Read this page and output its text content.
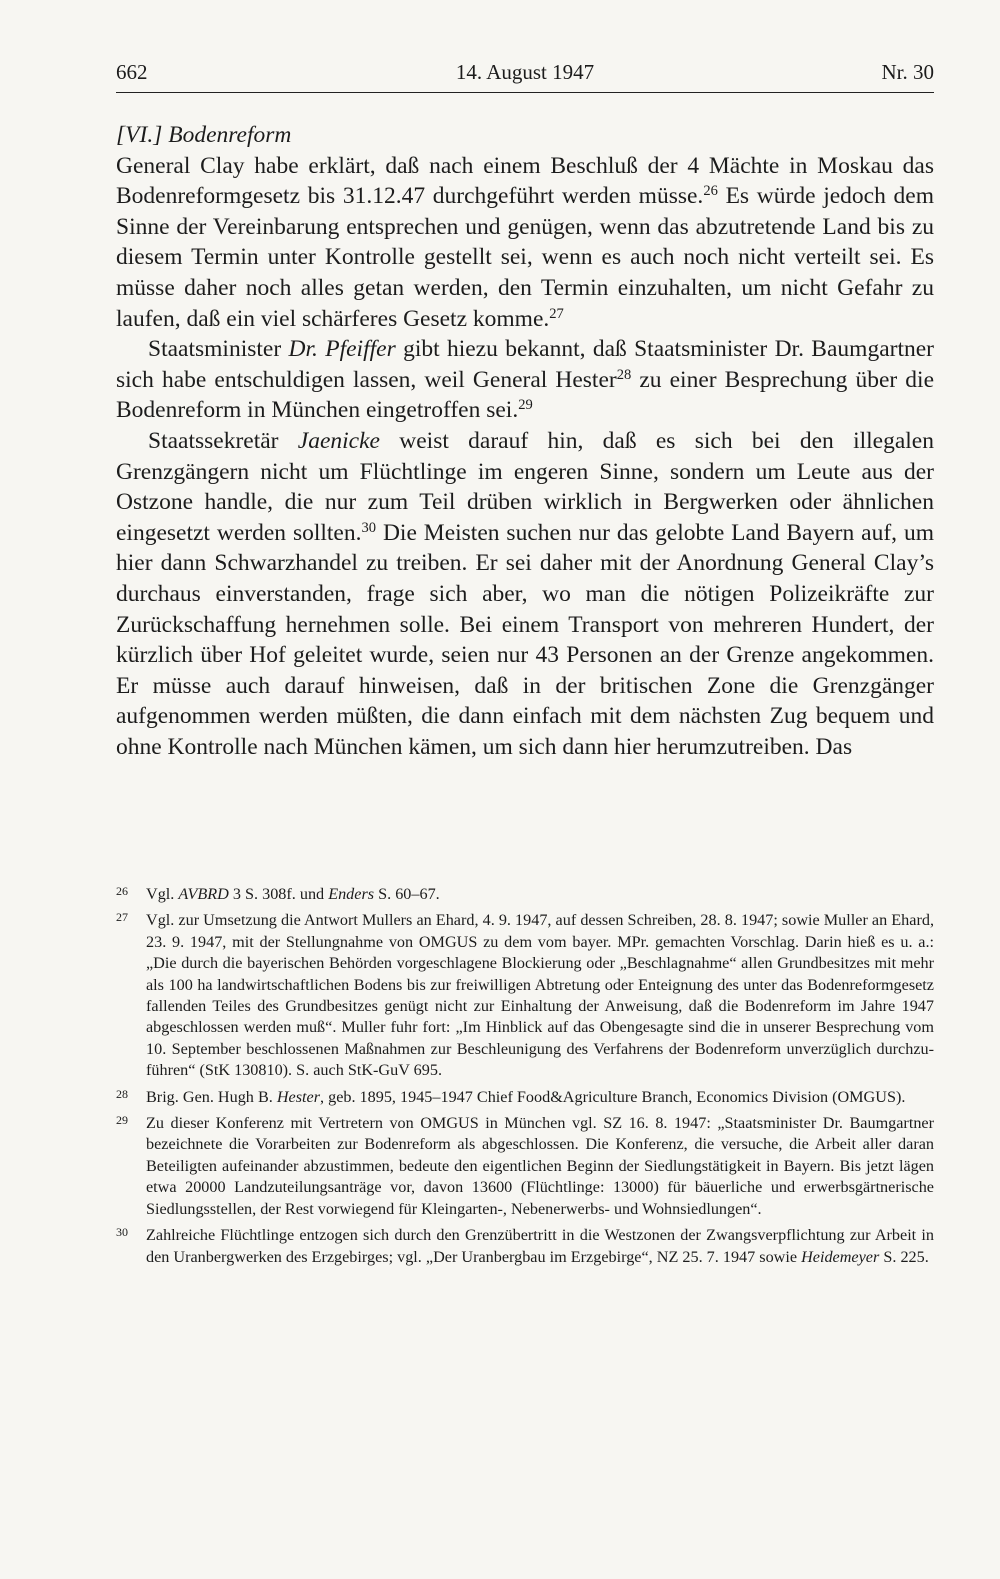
662	14. August 1947	Nr. 30

[VI.] Bodenreform

General Clay habe erklärt, daß nach einem Beschluß der 4 Mächte in Moskau das Bodenreformgesetz bis 31.12.47 durchgeführt werden müsse.$^{26}$ Es würde jedoch dem Sinne der Vereinbarung entsprechen und genügen, wenn das abzutretende Land bis zu diesem Termin unter Kontrolle gestellt sei, wenn es auch noch nicht verteilt sei. Es müsse daher noch alles getan werden, den Termin einzuhalten, um nicht Gefahr zu laufen, daß ein viel schärferes Gesetz komme.$^{27}$

Staatsminister Dr. Pfeiffer gibt hiezu bekannt, daß Staatsminister Dr. Baumgartner sich habe entschuldigen lassen, weil General Hester$^{28}$ zu einer Besprechung über die Bodenreform in München eingetroffen sei.$^{29}$

Staatssekretär Jaenicke weist darauf hin, daß es sich bei den illegalen Grenzgängern nicht um Flüchtlinge im engeren Sinne, sondern um Leute aus der Ostzone handle, die nur zum Teil drüben wirklich in Bergwerken oder ähnlichen eingesetzt werden sollten.$^{30}$ Die Meisten suchen nur das gelobte Land Bayern auf, um hier dann Schwarzhandel zu treiben. Er sei daher mit der Anordnung General Clay’s durchaus einverstanden, frage sich aber, wo man die nötigen Polizeikräfte zur Zurückschaffung hernehmen solle. Bei einem Transport von mehreren Hundert, der kürzlich über Hof geleitet wurde, seien nur 43 Personen an der Grenze angekommen. Er müsse auch darauf hinweisen, daß in der britischen Zone die Grenzgänger aufgenommen werden müßten, die dann einfach mit dem nächsten Zug bequem und ohne Kontrolle nach München kämen, um sich dann hier herumzutreiben. Das

26 Vgl. AVBRD 3 S. 308f. und Enders S. 60–67.

27 Vgl. zur Umsetzung die Antwort Mullers an Ehard, 4. 9. 1947, auf dessen Schreiben, 28. 8. 1947; sowie Muller an Ehard, 23. 9. 1947, mit der Stellungnahme von OMGUS zu dem vom bayer. MPr. gemachten Vorschlag. Darin hieß es u. a.: „Die durch die bayerischen Behörden vorgeschlagene Blockierung oder „Beschlagnahme“ allen Grundbesitzes mit mehr als 100 ha landwirtschaftlichen Bodens bis zur freiwilligen Abtretung oder Enteignung des unter das Bodenreformgesetz fallenden Teiles des Grundbesitzes genügt nicht zur Einhaltung der Anweisung, daß die Bodenreform im Jahre 1947 abgeschlossen werden muß“. Muller fuhr fort: „Im Hinblick auf das Obengesagte sind die in unserer Besprechung vom 10. September beschlossenen Maßnahmen zur Beschleunigung des Verfahrens der Bodenreform unverzüglich durchzuführen“ (StK 130810). S. auch StK-GuV 695.

28 Brig. Gen. Hugh B. Hester, geb. 1895, 1945–1947 Chief Food&Agriculture Branch, Economics Division (OMGUS).

29 Zu dieser Konferenz mit Vertretern von OMGUS in München vgl. SZ 16. 8. 1947: „Staatsminister Dr. Baumgartner bezeichnete die Vorarbeiten zur Bodenreform als abgeschlossen. Die Konferenz, die versuche, die Arbeit aller daran Beteiligten aufeinander abzustimmen, bedeute den eigentlichen Beginn der Siedlungstätigkeit in Bayern. Bis jetzt lägen etwa 20000 Landzuteilungsanträge vor, davon 13600 (Flüchtlinge: 13000) für bäuerliche und erwerbsgärtnerische Siedlungsstellen, der Rest vorwiegend für Kleingarten-, Nebenerwerbs- und Wohnsiedlungen“.

30 Zahlreiche Flüchtlinge entzogen sich durch den Grenzübertritt in die Westzonen der Zwangsverpflichtung zur Arbeit in den Uranbergwerken des Erzgebirges; vgl. „Der Uranbergbau im Erzgebirge“, NZ 25. 7. 1947 sowie Heidemeyer S. 225.
